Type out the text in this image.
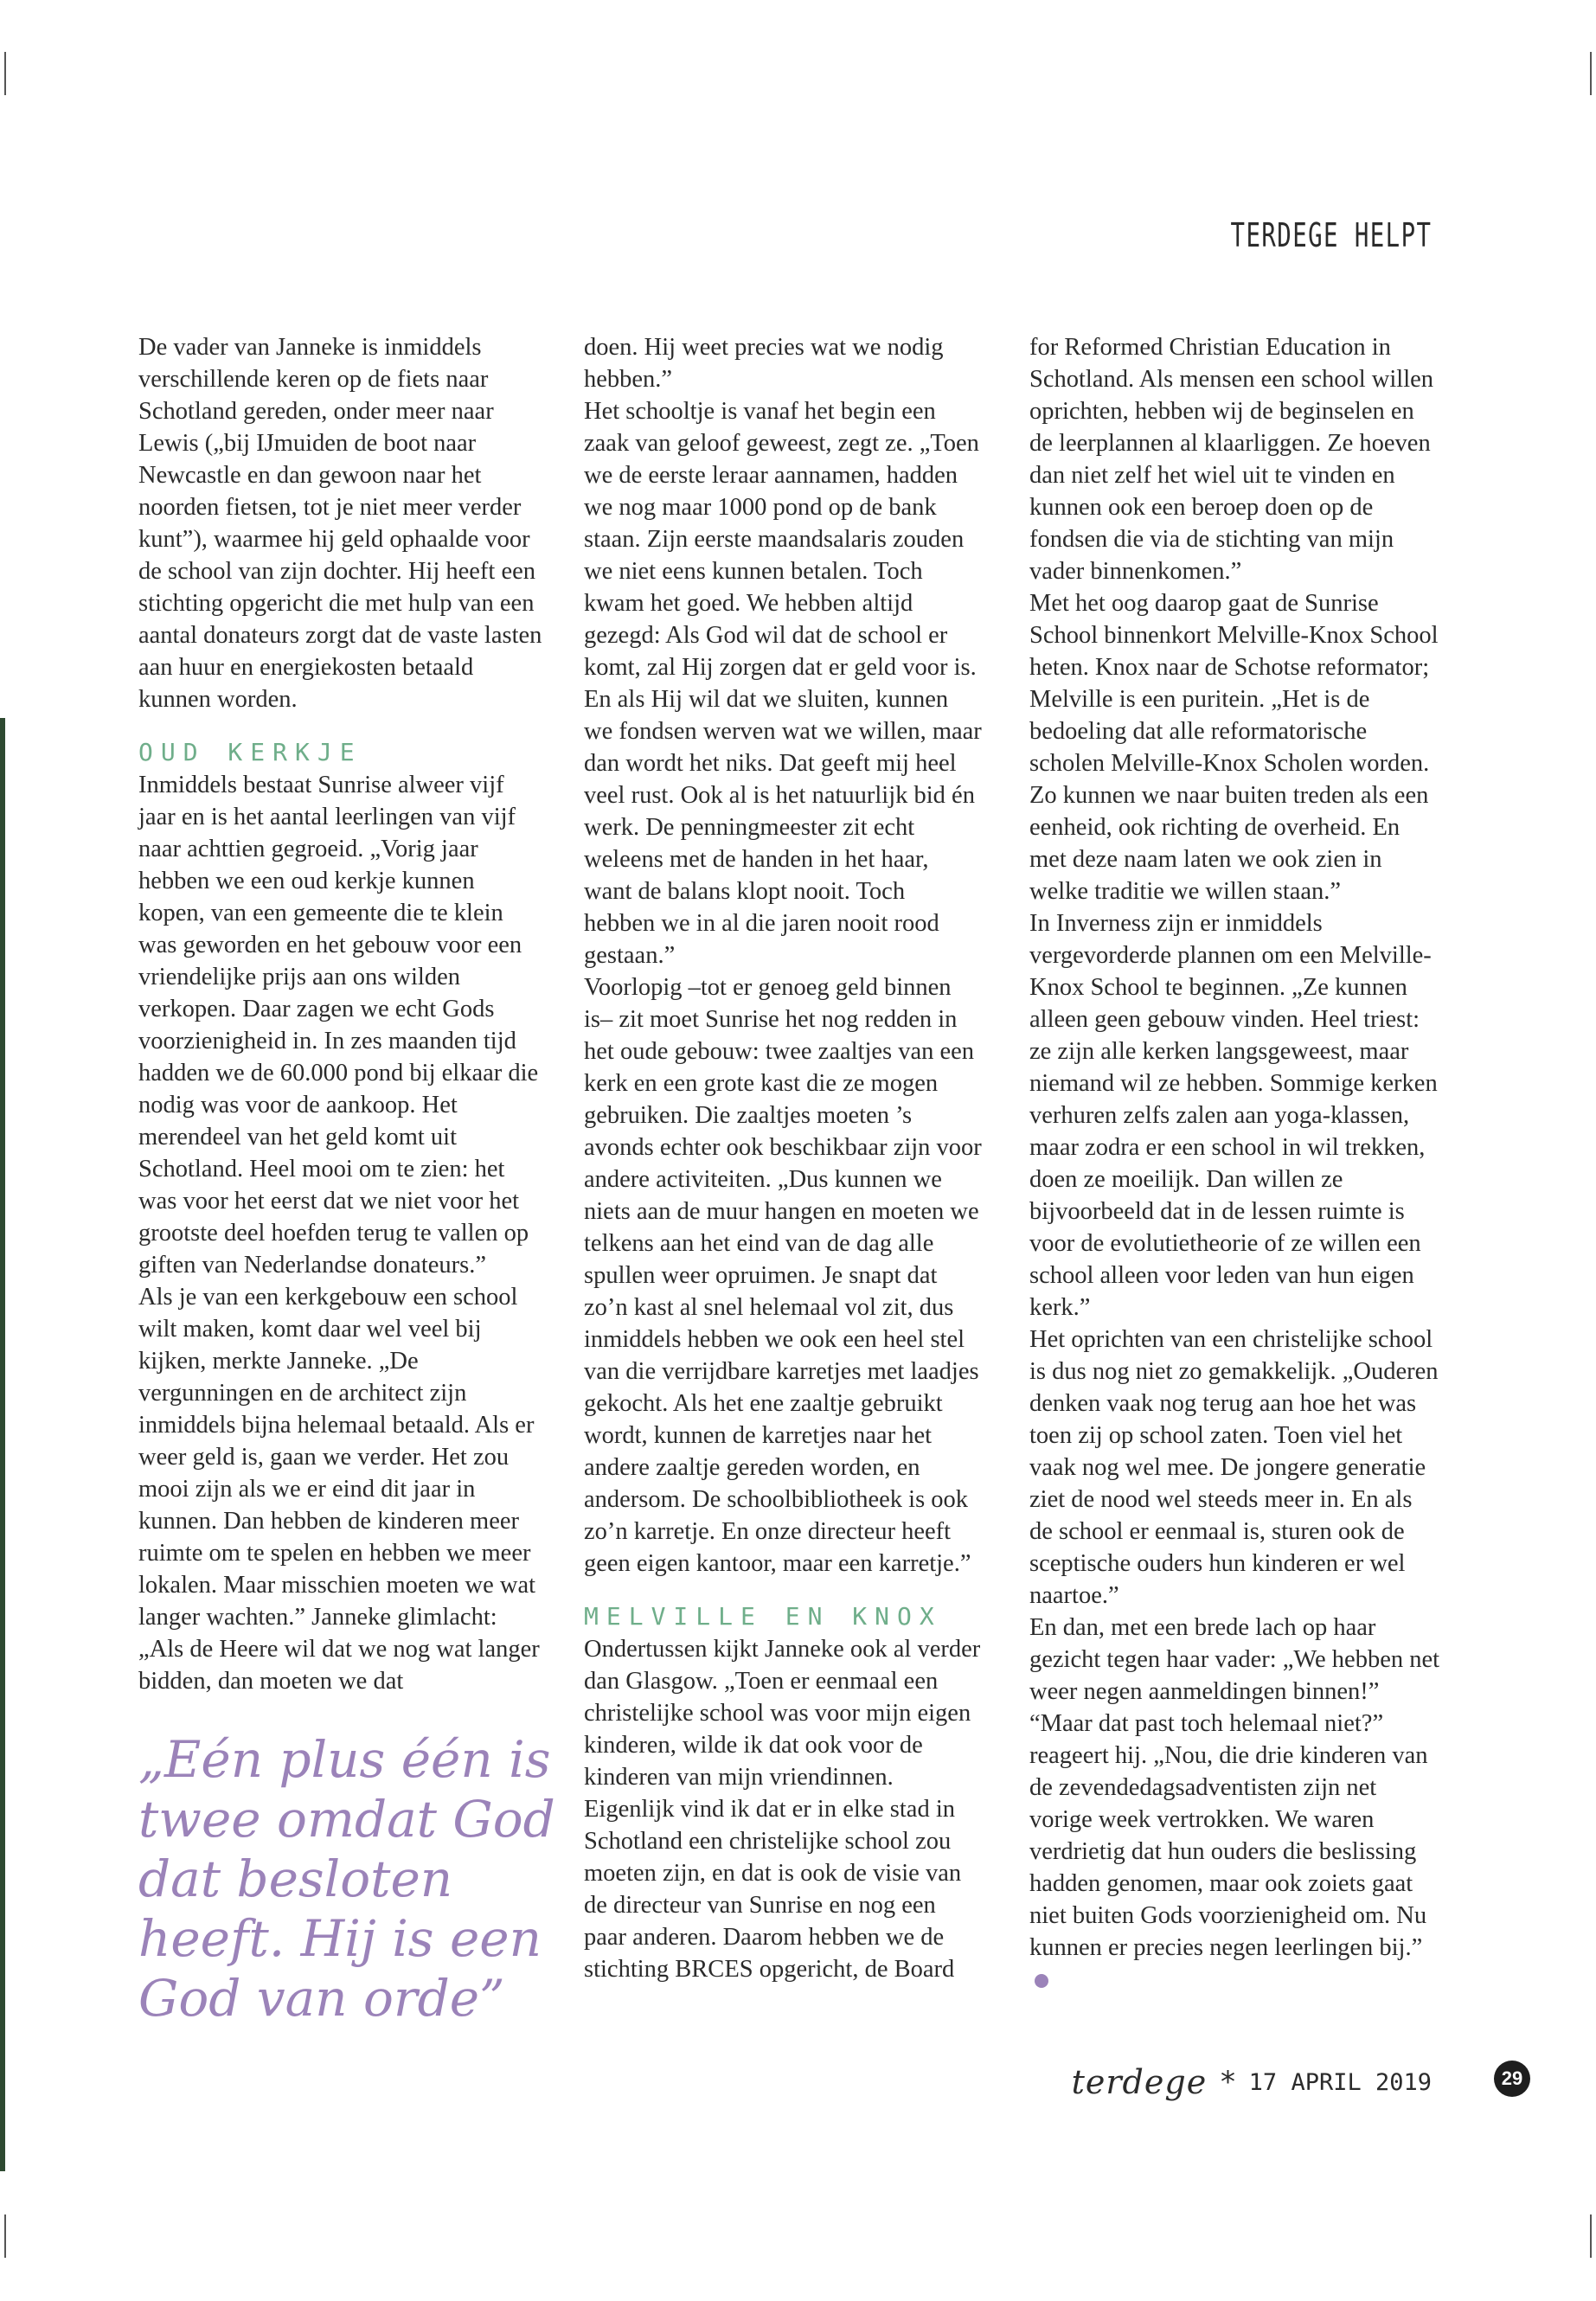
TERDEGE HELPT

De vader van Janneke is inmiddels verschillende keren op de fiets naar Schotland gereden, onder meer naar Lewis („bij IJmuiden de boot naar Newcastle en dan gewoon naar het noorden fietsen, tot je niet meer verder kunt”), waarmee hij geld ophaalde voor de school van zijn dochter. Hij heeft een stichting opgericht die met hulp van een aantal donateurs zorgt dat de vaste lasten aan huur en energiekosten betaald kunnen worden.

OUD KERKJE

Inmiddels bestaat Sunrise alweer vijf jaar en is het aantal leerlingen van vijf naar achttien gegroeid. „Vorig jaar hebben we een oud kerkje kunnen kopen, van een gemeente die te klein was geworden en het gebouw voor een vriendelijke prijs aan ons wilden verkopen. Daar zagen we echt Gods voorzienigheid in. In zes maanden tijd hadden we de 60.000 pond bij elkaar die nodig was voor de aankoop. Het merendeel van het geld komt uit Schotland. Heel mooi om te zien: het was voor het eerst dat we niet voor het grootste deel hoefden terug te vallen op giften van Nederlandse donateurs.”

Als je van een kerkgebouw een school wilt maken, komt daar wel veel bij kijken, merkte Janneke. „De vergunningen en de architect zijn inmiddels bijna helemaal betaald. Als er weer geld is, gaan we verder. Het zou mooi zijn als we er eind dit jaar in kunnen. Dan hebben de kinderen meer ruimte om te spelen en hebben we meer lokalen. Maar misschien moeten we wat langer wachten.” Janneke glimlacht: „Als de Heere wil dat we nog wat langer bidden, dan moeten we dat

„Eén plus één is twee omdat God dat besloten heeft. Hij is een God van orde”

doen. Hij weet precies wat we nodig hebben.”

Het schooltje is vanaf het begin een zaak van geloof geweest, zegt ze. „Toen we de eerste leraar aannamen, hadden we nog maar 1000 pond op de bank staan. Zijn eerste maandsalaris zouden we niet eens kunnen betalen. Toch kwam het goed. We hebben altijd gezegd: Als God wil dat de school er komt, zal Hij zorgen dat er geld voor is. En als Hij wil dat we sluiten, kunnen we fondsen werven wat we willen, maar dan wordt het niks. Dat geeft mij heel veel rust. Ook al is het natuurlijk bid én werk. De penningmeester zit echt weleens met de handen in het haar, want de balans klopt nooit. Toch hebben we in al die jaren nooit rood gestaan.”

Voorlopig –tot er genoeg geld binnen is– zit moet Sunrise het nog redden in het oude gebouw: twee zaaltjes van een kerk en een grote kast die ze mogen gebruiken. Die zaaltjes moeten ’s avonds echter ook beschikbaar zijn voor andere activiteiten. „Dus kunnen we niets aan de muur hangen en moeten we telkens aan het eind van de dag alle spullen weer opruimen. Je snapt dat zo’n kast al snel helemaal vol zit, dus inmiddels hebben we ook een heel stel van die verrijdbare karretjes met laadjes gekocht. Als het ene zaaltje gebruikt wordt, kunnen de karretjes naar het andere zaaltje gereden worden, en andersom. De schoolbibliotheek is ook zo’n karretje. En onze directeur heeft geen eigen kantoor, maar een karretje.”

MELVILLE EN KNOX

Ondertussen kijkt Janneke ook al verder dan Glasgow. „Toen er eenmaal een christelijke school was voor mijn eigen kinderen, wilde ik dat ook voor de kinderen van mijn vriendinnen. Eigenlijk vind ik dat er in elke stad in Schotland een christelijke school zou moeten zijn, en dat is ook de visie van de directeur van Sunrise en nog een paar anderen. Daarom hebben we de stichting BRCES opgericht, de Board

for Reformed Christian Education in Schotland. Als mensen een school willen oprichten, hebben wij de beginselen en de leerplannen al klaarliggen. Ze hoeven dan niet zelf het wiel uit te vinden en kunnen ook een beroep doen op de fondsen die via de stichting van mijn vader binnenkomen.”

Met het oog daarop gaat de Sunrise School binnenkort Melville-Knox School heten. Knox naar de Schotse reformator; Melville is een puritein. „Het is de bedoeling dat alle reformatorische scholen Melville-Knox Scholen worden. Zo kunnen we naar buiten treden als een eenheid, ook richting de overheid. En met deze naam laten we ook zien in welke traditie we willen staan.”

In Inverness zijn er inmiddels vergevorderde plannen om een Melville-Knox School te beginnen. „Ze kunnen alleen geen gebouw vinden. Heel triest: ze zijn alle kerken langsgeweest, maar niemand wil ze hebben. Sommige kerken verhuren zelfs zalen aan yoga-klassen, maar zodra er een school in wil trekken, doen ze moeilijk. Dan willen ze bijvoorbeeld dat in de lessen ruimte is voor de evolutietheorie of ze willen een school alleen voor leden van hun eigen kerk.”

Het oprichten van een christelijke school is dus nog niet zo gemakkelijk. „Ouderen denken vaak nog terug aan hoe het was toen zij op school zaten. Toen viel het vaak nog wel mee. De jongere generatie ziet de nood wel steeds meer in. En als de school er eenmaal is, sturen ook de sceptische ouders hun kinderen er wel naartoe.”

En dan, met een brede lach op haar gezicht tegen haar vader: „We hebben net weer negen aanmeldingen binnen!” “Maar dat past toch helemaal niet?” reageert hij. „Nou, die drie kinderen van de zevendedagsadventisten zijn net vorige week vertrokken. We waren verdrietig dat hun ouders die beslissing hadden genomen, maar ook zoiets gaat niet buiten Gods voorzienigheid om. Nu kunnen er precies negen leerlingen bij.”

terdege * 17 APRIL 2019	29
